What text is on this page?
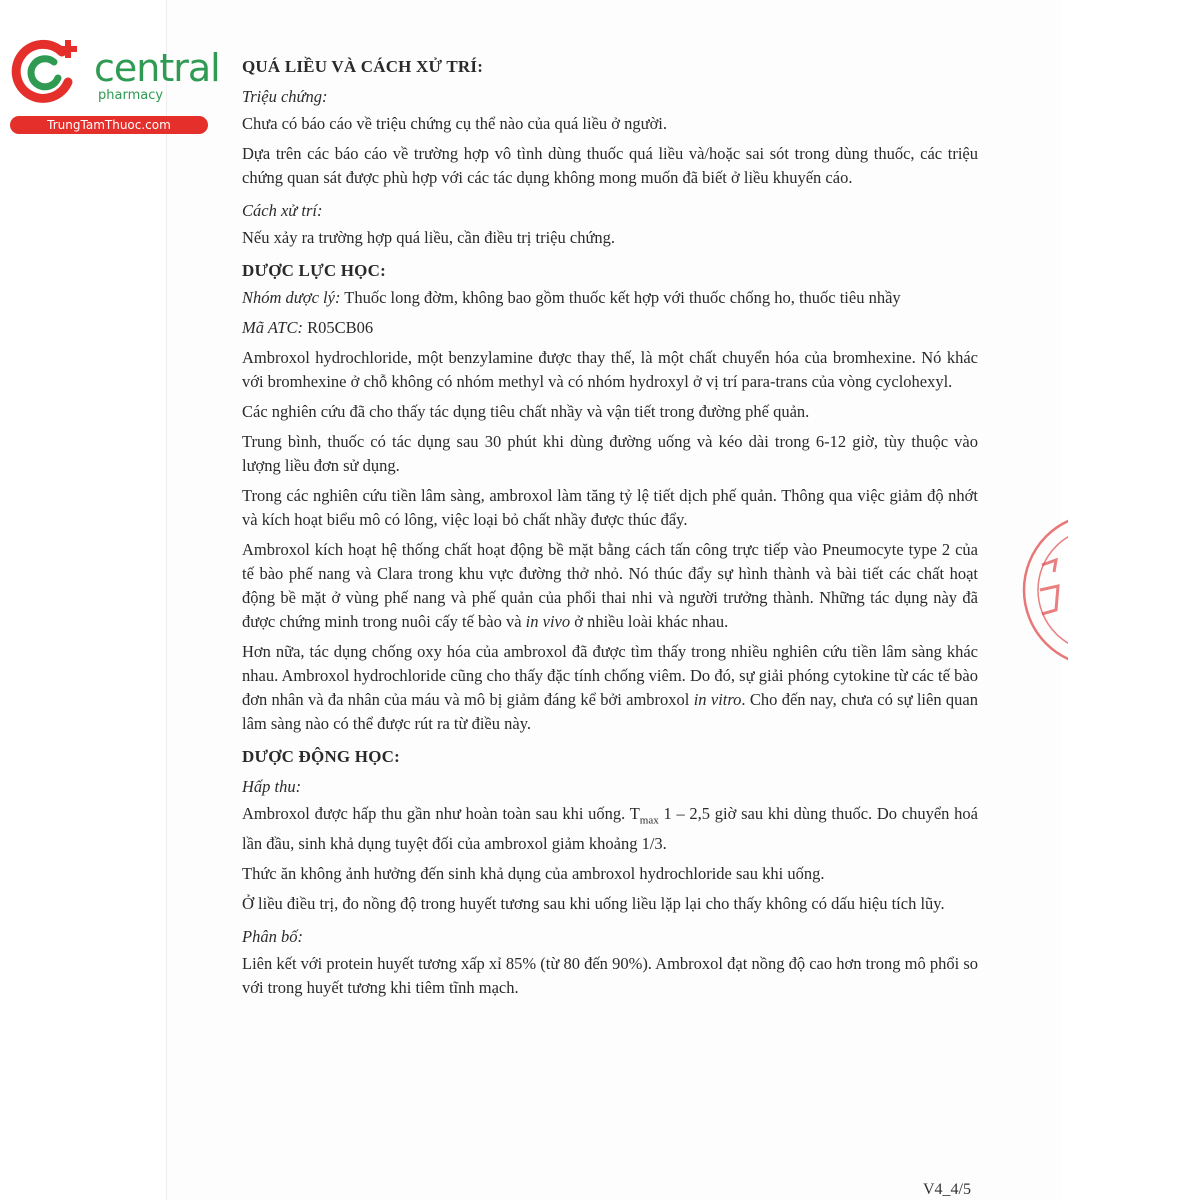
central
pharmacy
TrungTamThuoc.com

QUÁ LIỀU VÀ CÁCH XỬ TRÍ:

Triệu chứng:

Chưa có báo cáo về triệu chứng cụ thể nào của quá liều ở người.

Dựa trên các báo cáo về trường hợp vô tình dùng thuốc quá liều và/hoặc sai sót trong dùng thuốc, các triệu chứng quan sát được phù hợp với các tác dụng không mong muốn đã biết ở liều khuyến cáo.

Cách xử trí:

Nếu xảy ra trường hợp quá liều, cần điều trị triệu chứng.

DƯỢC LỰC HỌC:

Nhóm dược lý: Thuốc long đờm, không bao gồm thuốc kết hợp với thuốc chống ho, thuốc tiêu nhầy

Mã ATC: R05CB06

Ambroxol hydrochloride, một benzylamine được thay thế, là một chất chuyển hóa của bromhexine. Nó khác với bromhexine ở chỗ không có nhóm methyl và có nhóm hydroxyl ở vị trí para-trans của vòng cyclohexyl.

Các nghiên cứu đã cho thấy tác dụng tiêu chất nhầy và vận tiết trong đường phế quản.

Trung bình, thuốc có tác dụng sau 30 phút khi dùng đường uống và kéo dài trong 6-12 giờ, tùy thuộc vào lượng liều đơn sử dụng.

Trong các nghiên cứu tiền lâm sàng, ambroxol làm tăng tỷ lệ tiết dịch phế quản. Thông qua việc giảm độ nhớt và kích hoạt biểu mô có lông, việc loại bỏ chất nhầy được thúc đẩy.

Ambroxol kích hoạt hệ thống chất hoạt động bề mặt bằng cách tấn công trực tiếp vào Pneumocyte type 2 của tế bào phế nang và Clara trong khu vực đường thở nhỏ. Nó thúc đẩy sự hình thành và bài tiết các chất hoạt động bề mặt ở vùng phế nang và phế quản của phổi thai nhi và người trưởng thành. Những tác dụng này đã được chứng minh trong nuôi cấy tế bào và in vivo ở nhiều loài khác nhau.

Hơn nữa, tác dụng chống oxy hóa của ambroxol đã được tìm thấy trong nhiều nghiên cứu tiền lâm sàng khác nhau. Ambroxol hydrochloride cũng cho thấy đặc tính chống viêm. Do đó, sự giải phóng cytokine từ các tế bào đơn nhân và đa nhân của máu và mô bị giảm đáng kể bởi ambroxol in vitro. Cho đến nay, chưa có sự liên quan lâm sàng nào có thể được rút ra từ điều này.

DƯỢC ĐỘNG HỌC:

Hấp thu:

Ambroxol được hấp thu gần như hoàn toàn sau khi uống. $T_{max}$ 1 – 2,5 giờ sau khi dùng thuốc. Do chuyển hoá lần đầu, sinh khả dụng tuyệt đối của ambroxol giảm khoảng 1/3.

Thức ăn không ảnh hưởng đến sinh khả dụng của ambroxol hydrochloride sau khi uống.

Ở liều điều trị, đo nồng độ trong huyết tương sau khi uống liều lặp lại cho thấy không có dấu hiệu tích lũy.

Phân bố:

Liên kết với protein huyết tương xấp xỉ 85% (từ 80 đến 90%). Ambroxol đạt nồng độ cao hơn trong mô phổi so với trong huyết tương khi tiêm tĩnh mạch.

V4_4/5
